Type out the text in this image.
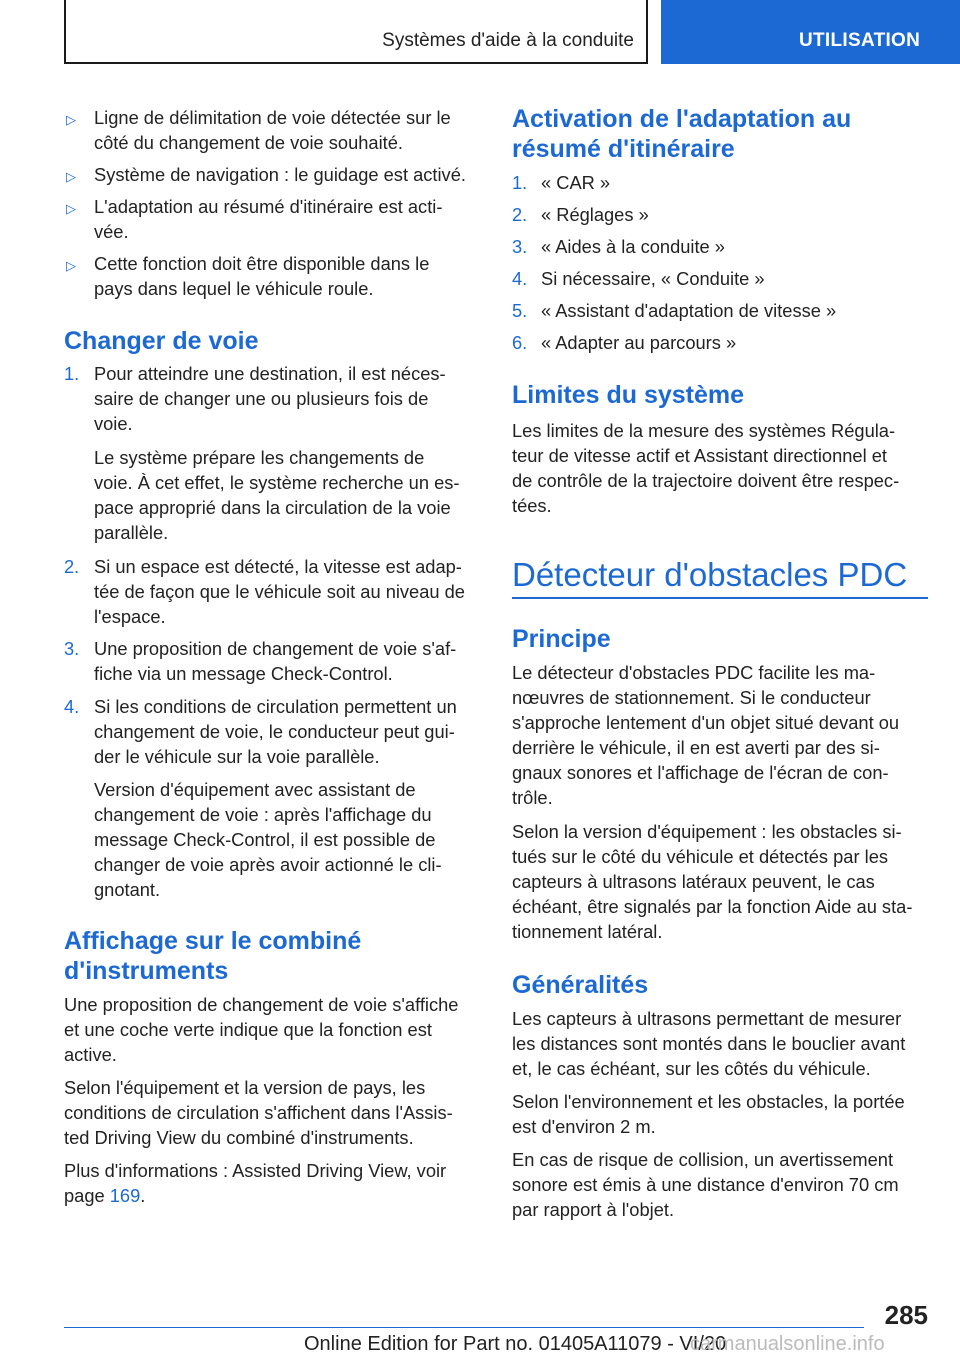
Systèmes d'aide à la conduite	UTILISATION
▷ Ligne de délimitation de voie détectée sur le
côté du changement de voie souhaité.
▷ Système de navigation : le guidage est activé.
▷ L'adaptation au résumé d'itinéraire est acti-
vée.
▷ Cette fonction doit être disponible dans le
pays dans lequel le véhicule roule.
Changer de voie
1. Pour atteindre une destination, il est néces-
saire de changer une ou plusieurs fois de
voie.
Le système prépare les changements de
voie. À cet effet, le système recherche un es-
pace approprié dans la circulation de la voie
parallèle.
2. Si un espace est détecté, la vitesse est adap-
tée de façon que le véhicule soit au niveau de
l'espace.
3. Une proposition de changement de voie s'af-
fiche via un message Check-Control.
4. Si les conditions de circulation permettent un
changement de voie, le conducteur peut gui-
der le véhicule sur la voie parallèle.
Version d'équipement avec assistant de
changement de voie : après l'affichage du
message Check-Control, il est possible de
changer de voie après avoir actionné le cli-
gnotant.
Affichage sur le combiné
d'instruments
Une proposition de changement de voie s'affiche
et une coche verte indique que la fonction est
active.
Selon l'équipement et la version de pays, les
conditions de circulation s'affichent dans l'Assis-
ted Driving View du combiné d'instruments.
Plus d'informations : Assisted Driving View, voir
page 169.
Activation de l'adaptation au
résumé d'itinéraire
1. « CAR »
2. « Réglages »
3. « Aides à la conduite »
4. Si nécessaire, « Conduite »
5. « Assistant d'adaptation de vitesse »
6. « Adapter au parcours »
Limites du système
Les limites de la mesure des systèmes Régula-
teur de vitesse actif et Assistant directionnel et
de contrôle de la trajectoire doivent être respec-
tées.
Détecteur d'obstacles PDC
Principe
Le détecteur d'obstacles PDC facilite les ma-
nœuvres de stationnement. Si le conducteur
s'approche lentement d'un objet situé devant ou
derrière le véhicule, il en est averti par des si-
gnaux sonores et l'affichage de l'écran de con-
trôle.
Selon la version d'équipement : les obstacles si-
tués sur le côté du véhicule et détectés par les
capteurs à ultrasons latéraux peuvent, le cas
échéant, être signalés par la fonction Aide au sta-
tionnement latéral.
Généralités
Les capteurs à ultrasons permettant de mesurer
les distances sont montés dans le bouclier avant
et, le cas échéant, sur les côtés du véhicule.
Selon l'environnement et les obstacles, la portée
est d'environ 2 m.
En cas de risque de collision, un avertissement
sonore est émis à une distance d'environ 70 cm
par rapport à l'objet.
285
Online Edition for Part no. 01405A11079 - VI/20
carmanualsonline.info
